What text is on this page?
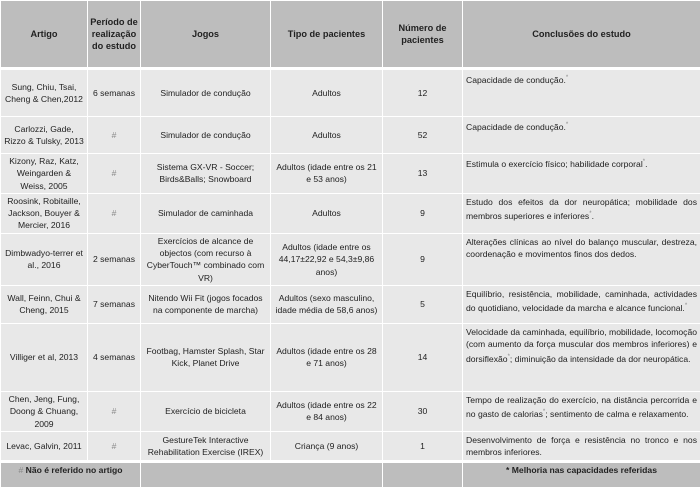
Artigo	Período de realização do estudo	Jogos	Tipo de pacientes	Número de pacientes	Conclusões do estudo
Sung, Chiu, Tsai, Cheng & Chen,2012	6 semanas	Simulador de condução	Adultos	12	Capacidade de condução.*
Carlozzi, Gade, Rizzo & Tulsky, 2013	#	Simulador de condução	Adultos	52	Capacidade de condução.*
Kizony, Raz, Katz, Weingarden & Weiss, 2005	#	Sistema GX-VR - Soccer; Birds&Balls; Snowboard	Adultos (idade entre os 21 e 53 anos)	13	Estimula o exercício físico; habilidade corporal*.
Roosink, Robitaille, Jackson, Bouyer & Mercier, 2016	#	Simulador de caminhada	Adultos	9	Estudo dos efeitos da dor neuropática; mobilidade dos membros superiores e inferiores*.
Dimbwadyo-terrer et al., 2016	2 semanas	Exercícios de alcance de objectos (com recurso à CyberTouch™ combinado com VR)	Adultos (idade entre os 44,17±22,92 e 54,3±9,86 anos)	9	Alterações clínicas ao nível do balanço muscular, destreza, coordenação e movimentos finos dos dedos.
Wall, Feinn, Chui & Cheng, 2015	7 semanas	Nitendo Wii Fit (jogos focados na componente de marcha)	Adultos (sexo masculino, idade média de 58,6 anos)	5	Equilíbrio, resistência, mobilidade, caminhada, actividades do quotidiano, velocidade da marcha e alcance funcional.*
Villiger et al, 2013	4 semanas	Footbag, Hamster Splash, Star Kick, Planet Drive	Adultos (idade entre os 28 e 71 anos)	14	Velocidade da caminhada, equilíbrio, mobilidade, locomoção (com aumento da força muscular dos membros inferiores) e dorsiflexão*; diminuição da intensidade da dor neuropática.
Chen, Jeng, Fung, Doong & Chuang, 2009	#	Exercício de bicicleta	Adultos (idade entre os 22 e 84 anos)	30	Tempo de realização do exercício, na distância percorrida e no gasto de calorias*; sentimento de calma e relaxamento.
Levac, Galvin, 2011	#	GestureTek Interactive Rehabilitation Exercise (IREX)	Criança (9 anos)	1	Desenvolvimento de força e resistência no tronco e nos membros inferiores.
# Não é referido no artigo					* Melhoria nas capacidades referidas
